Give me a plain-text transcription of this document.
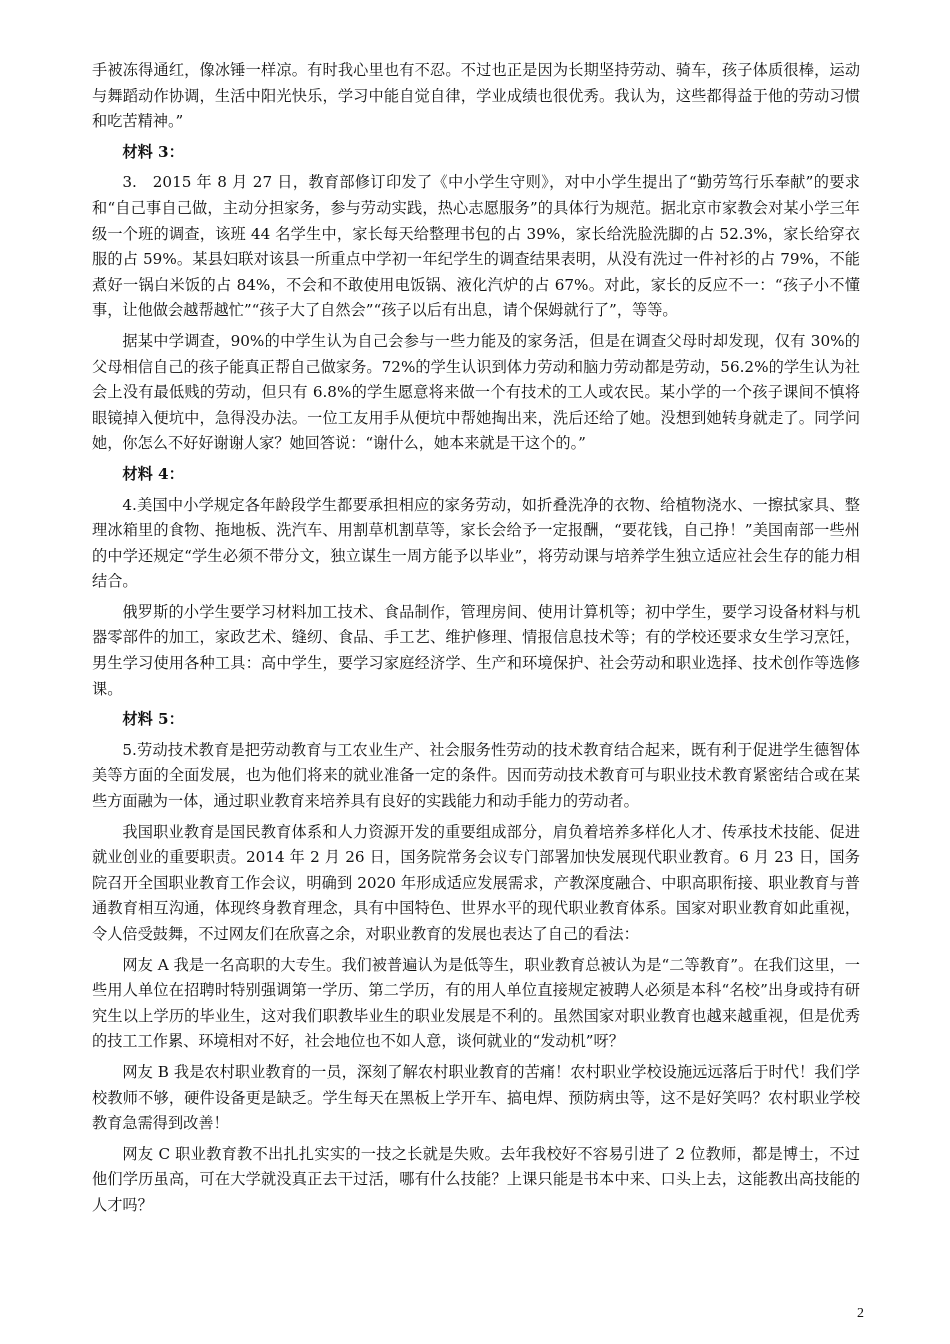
手被冻得通红，像冰锤一样凉。有时我心里也有不忍。不过也正是因为长期坚持劳动、骑车，孩子体质很棒，运动与舞蹈动作协调，生活中阳光快乐，学习中能自觉自律，学业成绩也很优秀。我认为，这些都得益于他的劳动习惯和吃苦精神。”

材料 3：

3.　2015 年 8 月 27 日，教育部修订印发了《中小学生守则》，对中小学生提出了“勤劳笃行乐奉献”的要求和“自己事自己做，主动分担家务，参与劳动实践，热心志愿服务”的具体行为规范。据北京市家教会对某小学三年级一个班的调查，该班 44 名学生中，家长每天给整理书包的占 39%，家长给洗脸洗脚的占 52.3%，家长给穿衣服的占 59%。某县妇联对该县一所重点中学初一年纪学生的调查结果表明，从没有洗过一件衬衫的占 79%，不能煮好一锅白米饭的占 84%，不会和不敢使用电饭锅、液化汽炉的占 67%。对此，家长的反应不一：“孩子小不懂事，让他做会越帮越忙”“孩子大了自然会”“孩子以后有出息，请个保姆就行了”，等等。

据某中学调查，90%的中学生认为自己会参与一些力能及的家务活，但是在调查父母时却发现，仅有 30%的父母相信自己的孩子能真正帮自己做家务。72%的学生认识到体力劳动和脑力劳动都是劳动，56.2%的学生认为社会上没有最低贱的劳动，但只有 6.8%的学生愿意将来做一个有技术的工人或农民。某小学的一个孩子课间不慎将眼镜掉入便坑中，急得没办法。一位工友用手从便坑中帮她掏出来，洗后还给了她。没想到她转身就走了。同学问她，你怎么不好好谢谢人家？她回答说：“谢什么，她本来就是干这个的。”

材料 4：

4.美国中小学规定各年龄段学生都要承担相应的家务劳动，如折叠洗净的衣物、给植物浇水、一擦拭家具、整理冰箱里的食物、拖地板、洗汽车、用割草机割草等，家长会给予一定报酬，“要花钱，自己挣！”美国南部一些州的中学还规定“学生必须不带分文，独立谋生一周方能予以毕业”，将劳动课与培养学生独立适应社会生存的能力相结合。

俄罗斯的小学生要学习材料加工技术、食品制作，管理房间、使用计算机等；初中学生，要学习设备材料与机器零部件的加工，家政艺术、缝纫、食品、手工艺、维护修理、情报信息技术等；有的学校还要求女生学习烹饪，男生学习使用各种工具：高中学生，要学习家庭经济学、生产和环境保护、社会劳动和职业选择、技术创作等选修课。

材料 5：

5.劳动技术教育是把劳动教育与工农业生产、社会服务性劳动的技术教育结合起来，既有利于促进学生德智体美等方面的全面发展，也为他们将来的就业准备一定的条件。因而劳动技术教育可与职业技术教育紧密结合或在某些方面融为一体，通过职业教育来培养具有良好的实践能力和动手能力的劳动者。

我国职业教育是国民教育体系和人力资源开发的重要组成部分，肩负着培养多样化人才、传承技术技能、促进就业创业的重要职责。2014 年 2 月 26 日，国务院常务会议专门部署加快发展现代职业教育。6 月 23 日，国务院召开全国职业教育工作会议，明确到 2020 年形成适应发展需求，产教深度融合、中职高职衔接、职业教育与普通教育相互沟通，体现终身教育理念，具有中国特色、世界水平的现代职业教育体系。国家对职业教育如此重视，令人倍受鼓舞，不过网友们在欣喜之余，对职业教育的发展也表达了自己的看法：

网友 A 我是一名高职的大专生。我们被普遍认为是低等生，职业教育总被认为是“二等教育”。在我们这里，一些用人单位在招聘时特别强调第一学历、第二学历，有的用人单位直接规定被聘人必须是本科“名校”出身或持有研究生以上学历的毕业生，这对我们职教毕业生的职业发展是不利的。虽然国家对职业教育也越来越重视，但是优秀的技工工作累、环境相对不好，社会地位也不如人意，谈何就业的“发动机”呀？

网友 B 我是农村职业教育的一员，深刻了解农村职业教育的苦痛！农村职业学校设施远远落后于时代！我们学校教师不够，硬件设备更是缺乏。学生每天在黑板上学开车、搞电焊、预防病虫等，这不是好笑吗？农村职业学校教育急需得到改善！

网友 C 职业教育教不出扎扎实实的一技之长就是失败。去年我校好不容易引进了 2 位教师，都是博士，不过他们学历虽高，可在大学就没真正去干过活，哪有什么技能？上课只能是书本中来、口头上去，这能教出高技能的人才吗？

2
